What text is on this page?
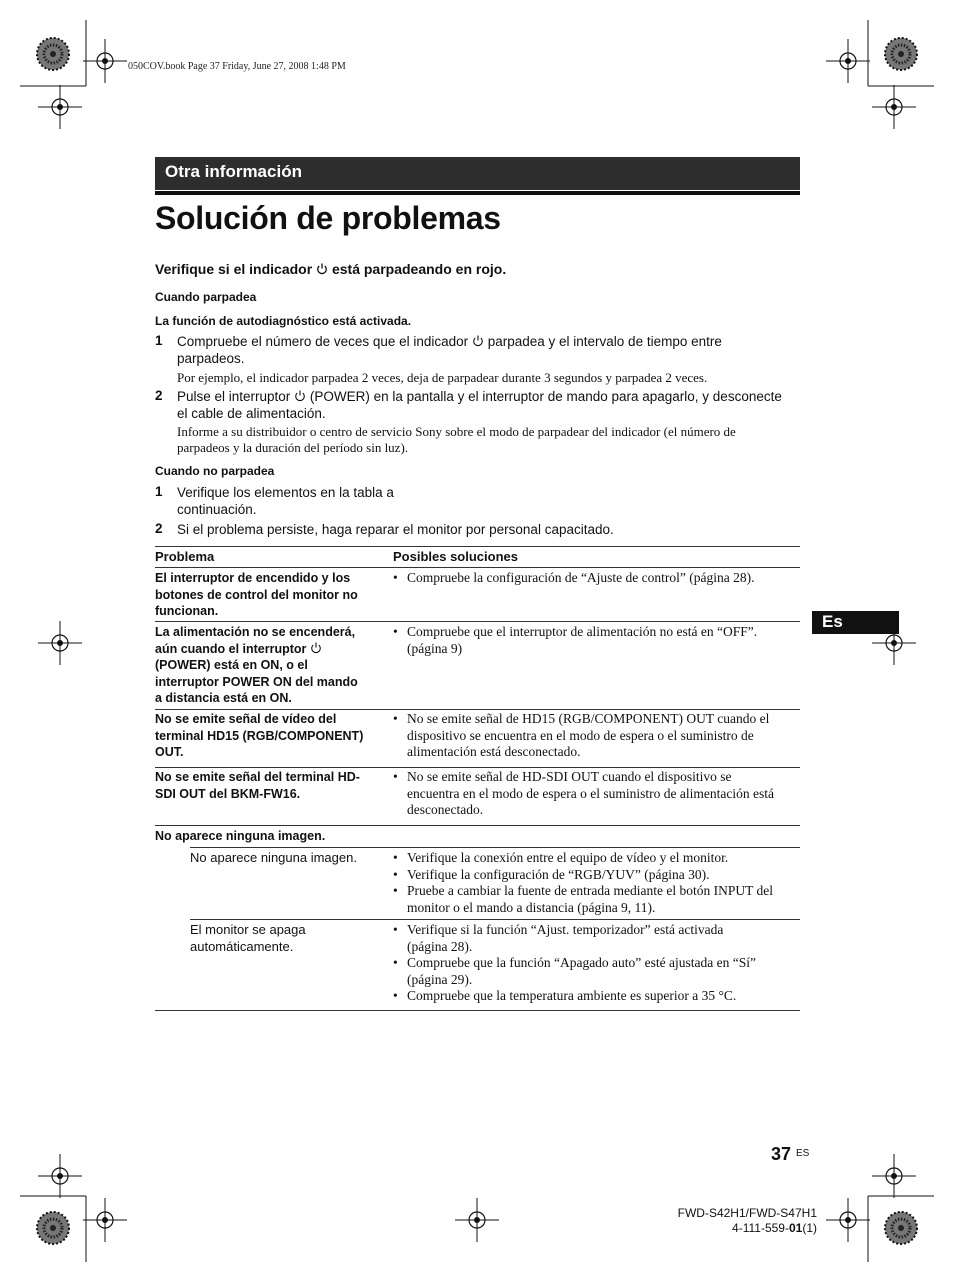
050COV.book Page 37 Friday, June 27, 2008 1:48 PM
Otra información
Solución de problemas
Verifique si el indicador está parpadeando en rojo.
Cuando parpadea
La función de autodiagnóstico está activada.
1 Compruebe el número de veces que el indicador parpadea y el intervalo de tiempo entre
parpadeos.
Por ejemplo, el indicador parpadea 2 veces, deja de parpadear durante 3 segundos y parpadea 2 veces.
2 Pulse el interruptor (POWER) en la pantalla y el interruptor de mando para apagarlo, y desconecte
el cable de alimentación.
Informe a su distribuidor o centro de servicio Sony sobre el modo de parpadear del indicador (el número de
parpadeos y la duración del período sin luz).
Cuando no parpadea
1 Verifique los elementos en la tabla a
continuación.
2 Si el problema persiste, haga reparar el monitor por personal capacitado.
Problema	Posibles soluciones
El interruptor de encendido y los
botones de control del monitor no
funcionan.
• Compruebe la configuración de “Ajuste de control” (página 28).
La alimentación no se encenderá,
aún cuando el interruptor
(POWER) está en ON, o el
interruptor POWER ON del mando
a distancia está en ON.
• Compruebe que el interruptor de alimentación no está en “OFF”.
(página 9)
No se emite señal de vídeo del
terminal HD15 (RGB/COMPONENT)
OUT.
• No se emite señal de HD15 (RGB/COMPONENT) OUT cuando el
dispositivo se encuentra en el modo de espera o el suministro de
alimentación está desconectado.
No se emite señal del terminal HD-
SDI OUT del BKM-FW16.
• No se emite señal de HD-SDI OUT cuando el dispositivo se
encuentra en el modo de espera o el suministro de alimentación está
desconectado.
No aparece ninguna imagen.
No aparece ninguna imagen.
•	Verifique la conexión entre el equipo de vídeo y el monitor.
• Verifique la configuración de “RGB/YUV” (página 30).
• Pruebe a cambiar la fuente de entrada mediante el botón INPUT del
monitor o el mando a distancia (página 9, 11).
El monitor se apaga
automáticamente.
• Verifique si la función “Ajust. temporizador” está activada
(página 28).
• Compruebe que la función “Apagado auto” esté ajustada en “Sí”
(página 29).
• Compruebe que la temperatura ambiente es superior a 35 °C.
Es
37 ES
FWD-S42H1/FWD-S47H1
4-111-559-01(1)
